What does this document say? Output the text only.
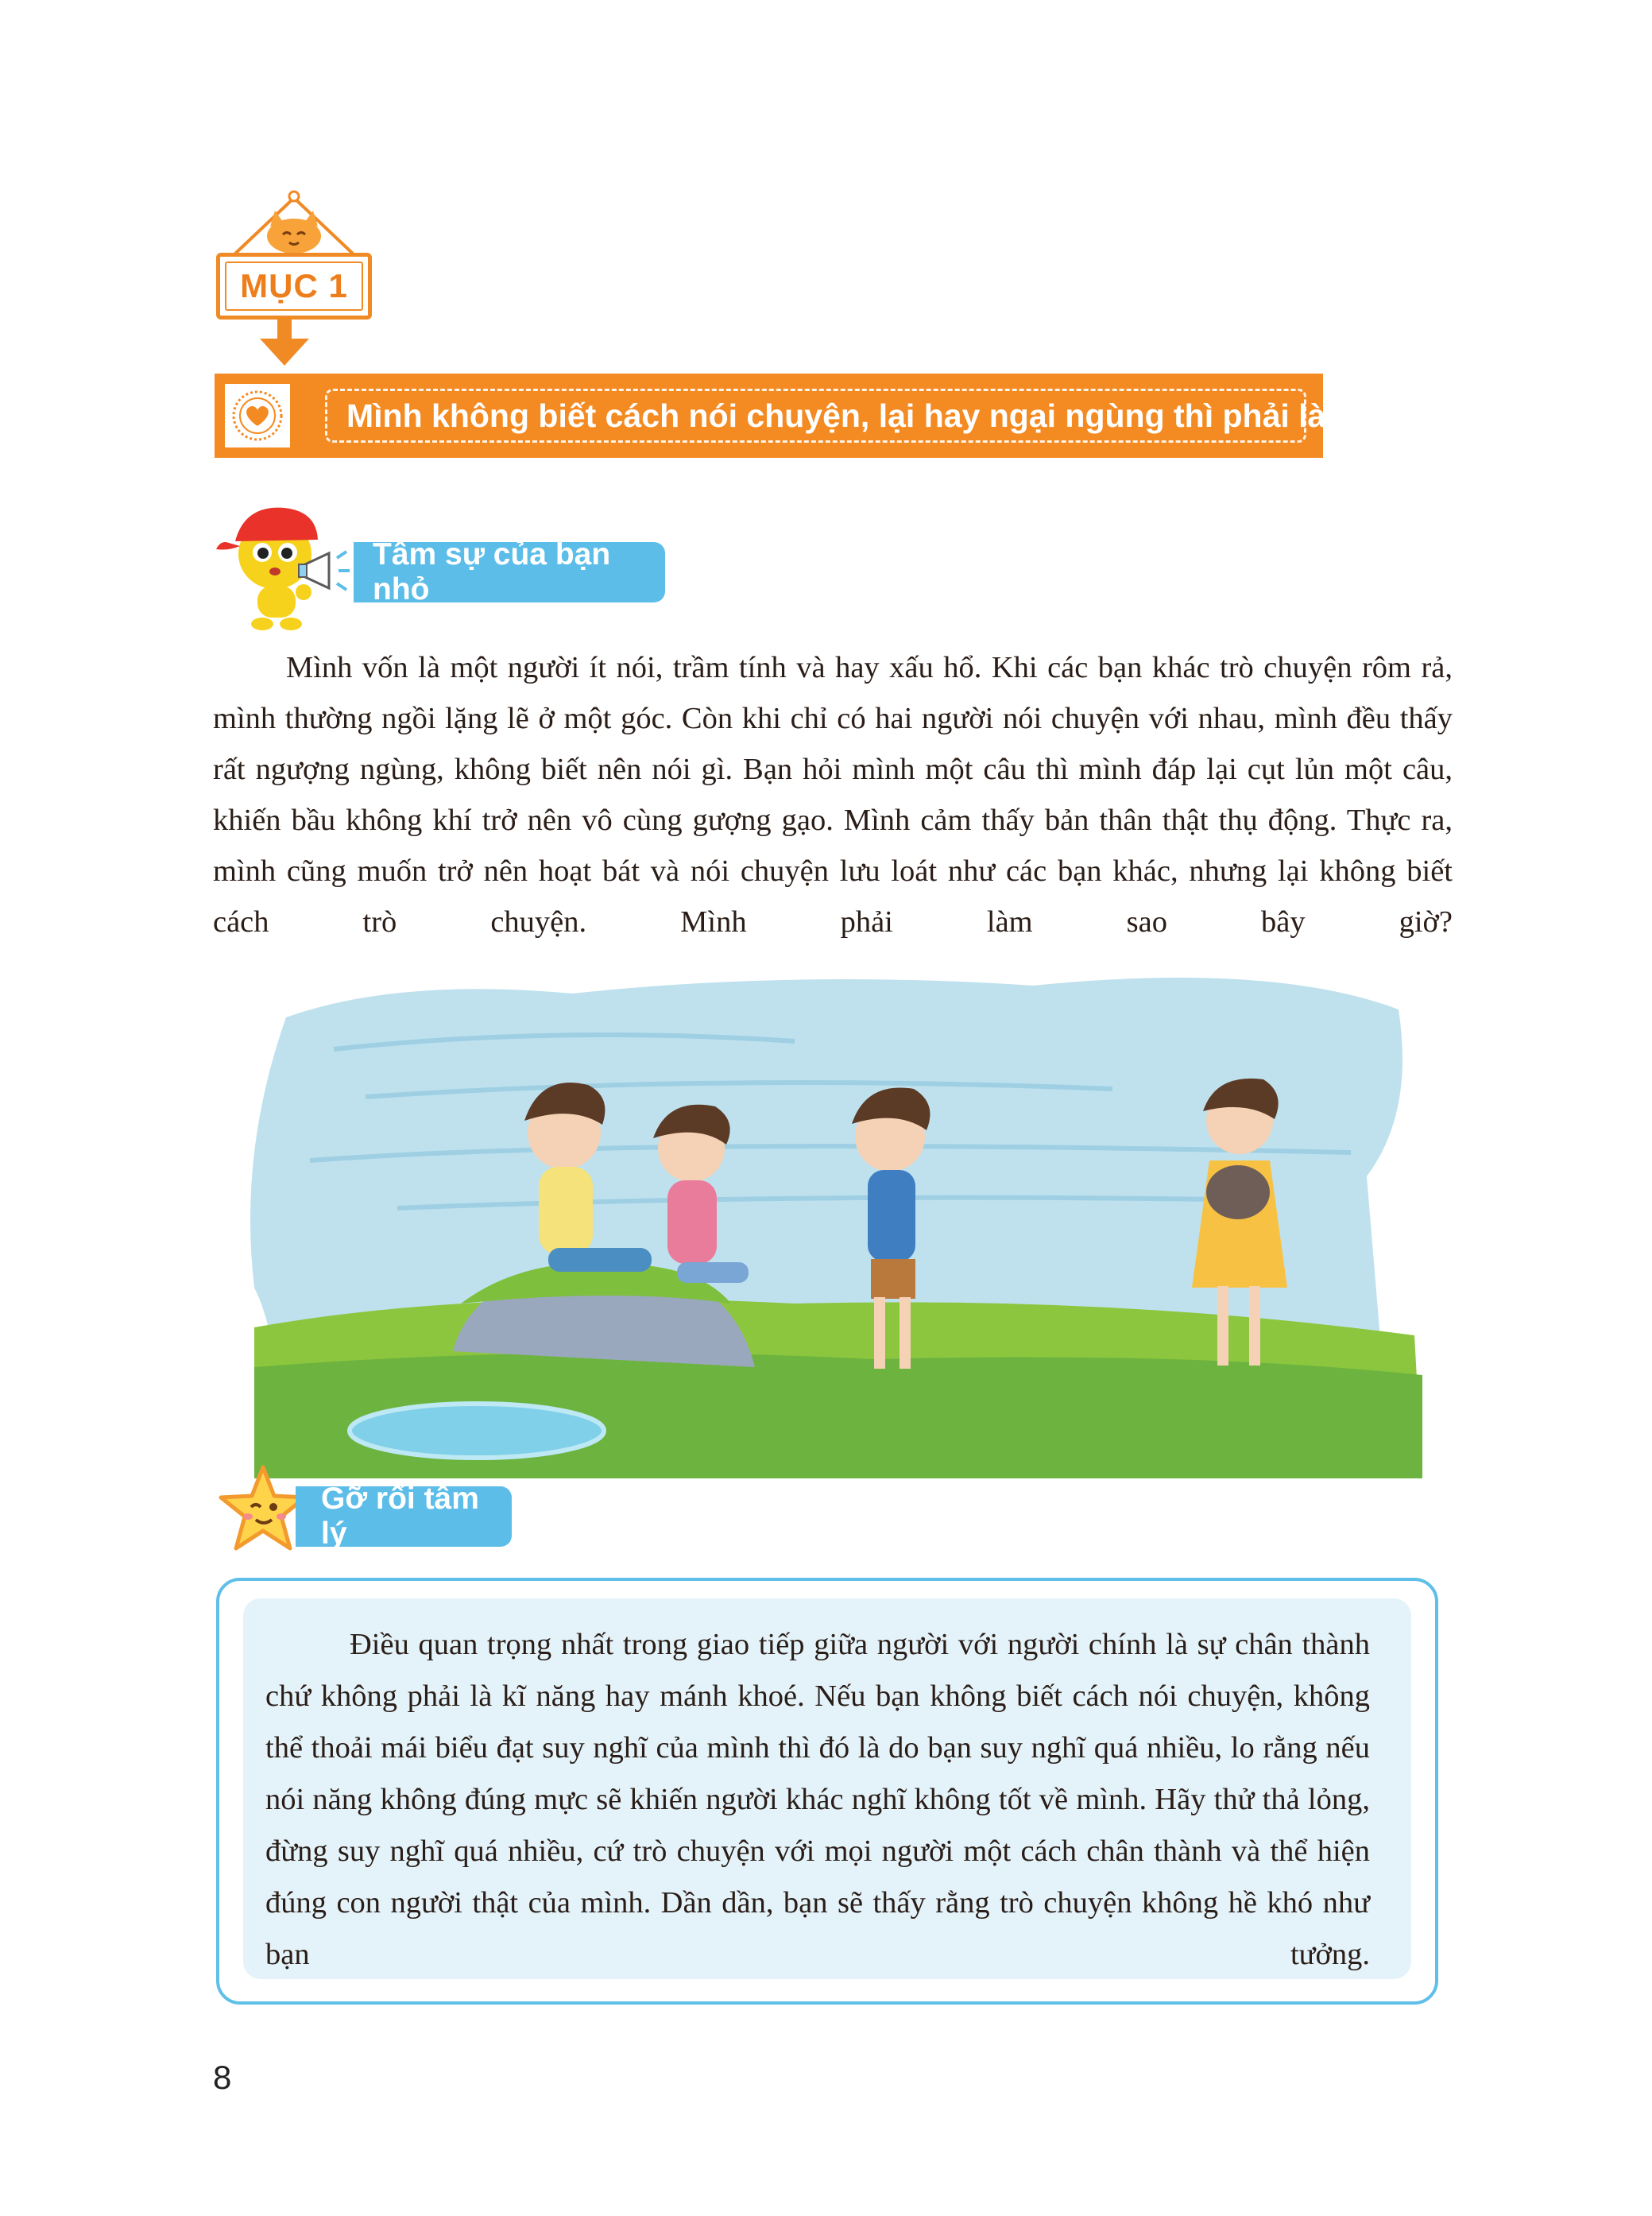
MỤC 1
Mình không biết cách nói chuyện, lại hay ngại ngùng thì phải làm sao?
Tâm sự của bạn nhỏ

Mình vốn là một người ít nói, trầm tính và hay xấu hổ. Khi các bạn khác trò chuyện rôm rả, mình thường ngồi lặng lẽ ở một góc. Còn khi chỉ có hai người nói chuyện với nhau, mình đều thấy rất ngượng ngùng, không biết nên nói gì. Bạn hỏi mình một câu thì mình đáp lại cụt lủn một câu, khiến bầu không khí trở nên vô cùng gượng gạo. Mình cảm thấy bản thân thật thụ động. Thực ra, mình cũng muốn trở nên hoạt bát và nói chuyện lưu loát như các bạn khác, nhưng lại không biết cách trò chuyện. Mình phải làm sao bây giờ?

Gỡ rối tâm lý

Điều quan trọng nhất trong giao tiếp giữa người với người chính là sự chân thành chứ không phải là kĩ năng hay mánh khoé. Nếu bạn không biết cách nói chuyện, không thể thoải mái biểu đạt suy nghĩ của mình thì đó là do bạn suy nghĩ quá nhiều, lo rằng nếu nói năng không đúng mực sẽ khiến người khác nghĩ không tốt về mình. Hãy thử thả lỏng, đừng suy nghĩ quá nhiều, cứ trò chuyện với mọi người một cách chân thành và thể hiện đúng con người thật của mình. Dần dần, bạn sẽ thấy rằng trò chuyện không hề khó như bạn tưởng.

8
